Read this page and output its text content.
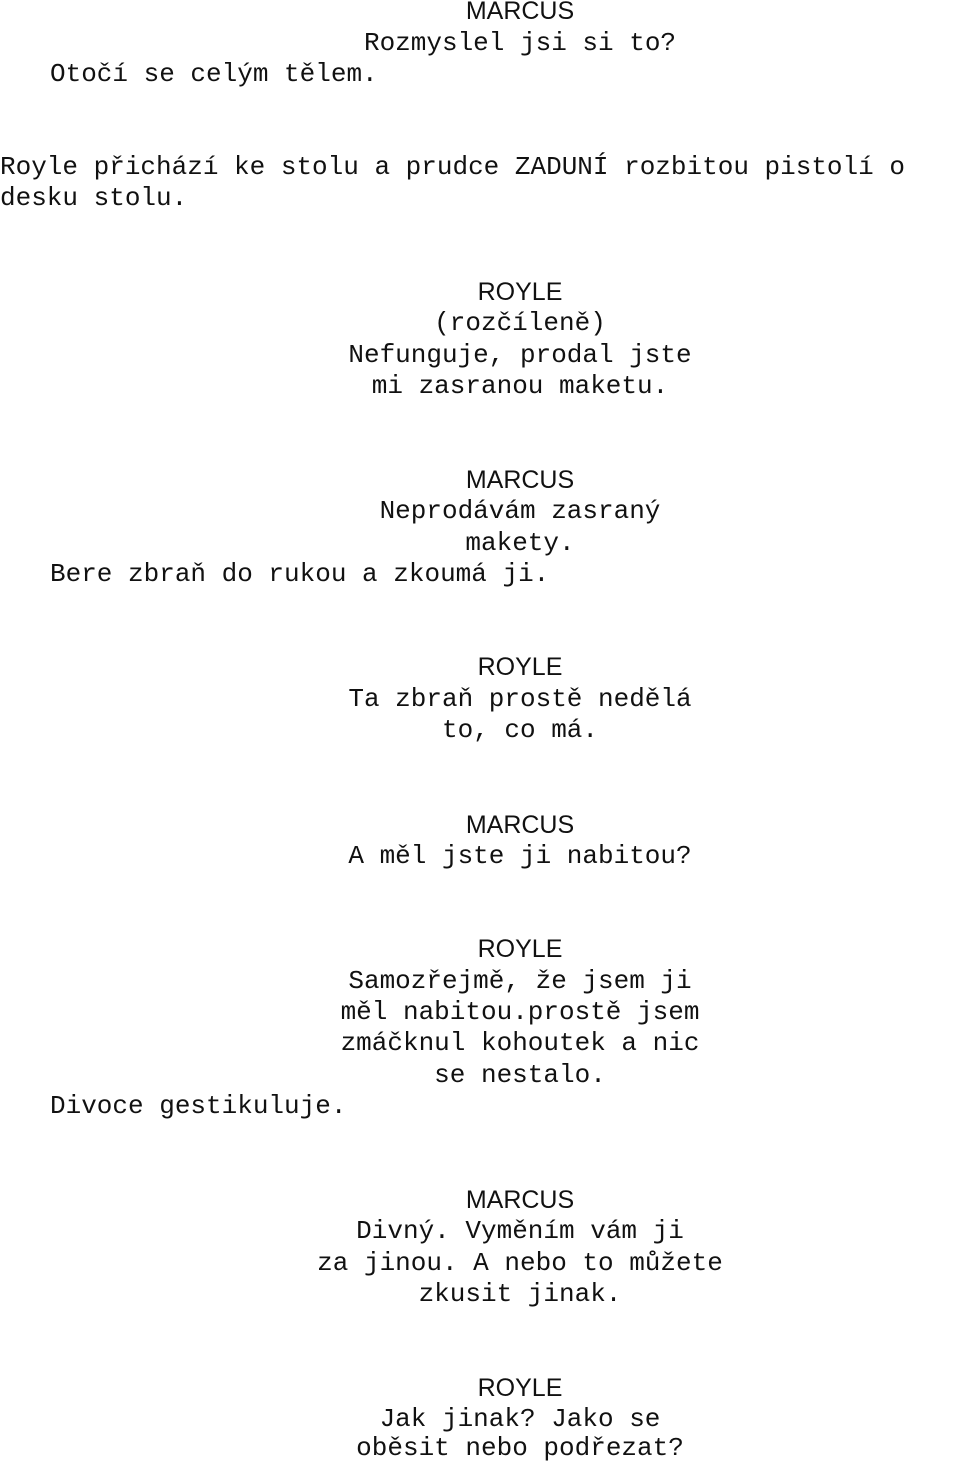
MARCUS
Rozmyslel jsi si to?
Otočí se celým tělem.
Royle přichází ke stolu a prudce ZADUNÍ rozbitou pistolí o
desku stolu.
ROYLE
(rozčíleně)
Nefunguje, prodal jste
mi zasranou maketu.
MARCUS
Neprodávám zasraný
makety.
Bere zbraň do rukou a zkoumá ji.
ROYLE
Ta zbraň prostě nedělá
to, co má.
MARCUS
A měl jste ji nabitou?
ROYLE
Samozřejmě, že jsem ji
měl nabitou.prostě jsem
zmáčknul kohoutek a nic
se nestalo.
Divoce gestikuluje.
MARCUS
Divný. Vyměním vám ji
za jinou. A nebo to můžete
zkusit jinak.
ROYLE
Jak jinak? Jako se
oběsit nebo podřezat?
